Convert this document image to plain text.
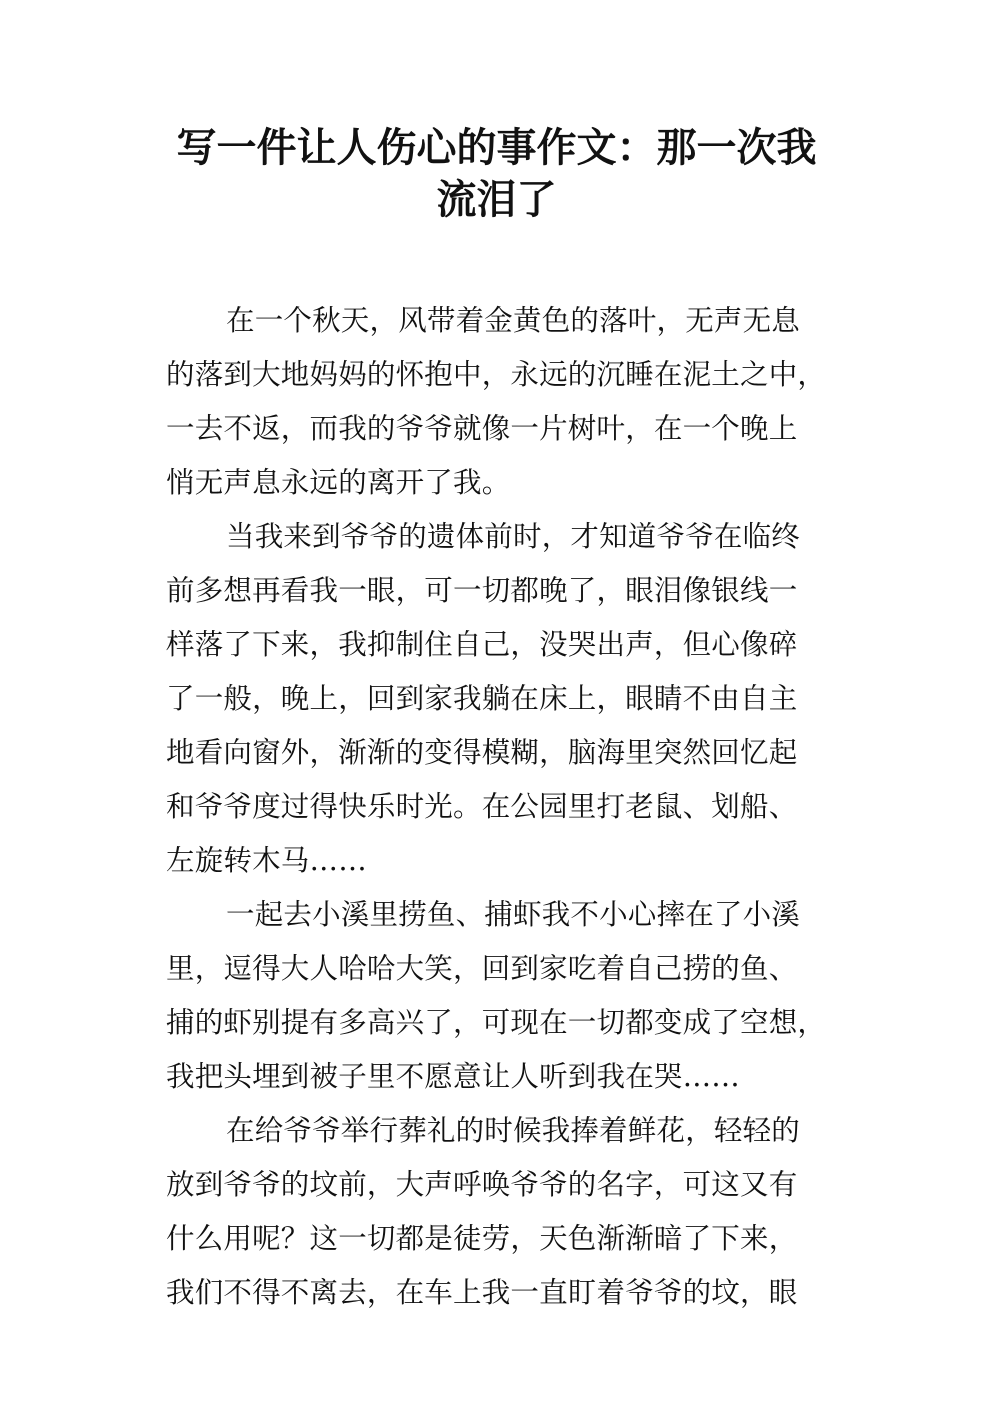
写一件让人伤心的事作文：那一次我
流泪了
在一个秋天，风带着金黄色的落叶，无声无息
的落到大地妈妈的怀抱中，永远的沉睡在泥土之中，
一去不返，而我的爷爷就像一片树叶，在一个晚上
悄无声息永远的离开了我。
当我来到爷爷的遗体前时，才知道爷爷在临终
前多想再看我一眼，可一切都晚了，眼泪像银线一
样落了下来，我抑制住自己，没哭出声，但心像碎
了一般，晚上，回到家我躺在床上，眼睛不由自主
地看向窗外，渐渐的变得模糊，脑海里突然回忆起
和爷爷度过得快乐时光。在公园里打老鼠、划船、
左旋转木马……
一起去小溪里捞鱼、捕虾我不小心摔在了小溪
里，逗得大人哈哈大笑，回到家吃着自己捞的鱼、
捕的虾别提有多高兴了，可现在一切都变成了空想，
我把头埋到被子里不愿意让人听到我在哭……
在给爷爷举行葬礼的时候我捧着鲜花，轻轻的
放到爷爷的坟前，大声呼唤爷爷的名字，可这又有
什么用呢？这一切都是徒劳，天色渐渐暗了下来，
我们不得不离去，在车上我一直盯着爷爷的坟，眼
